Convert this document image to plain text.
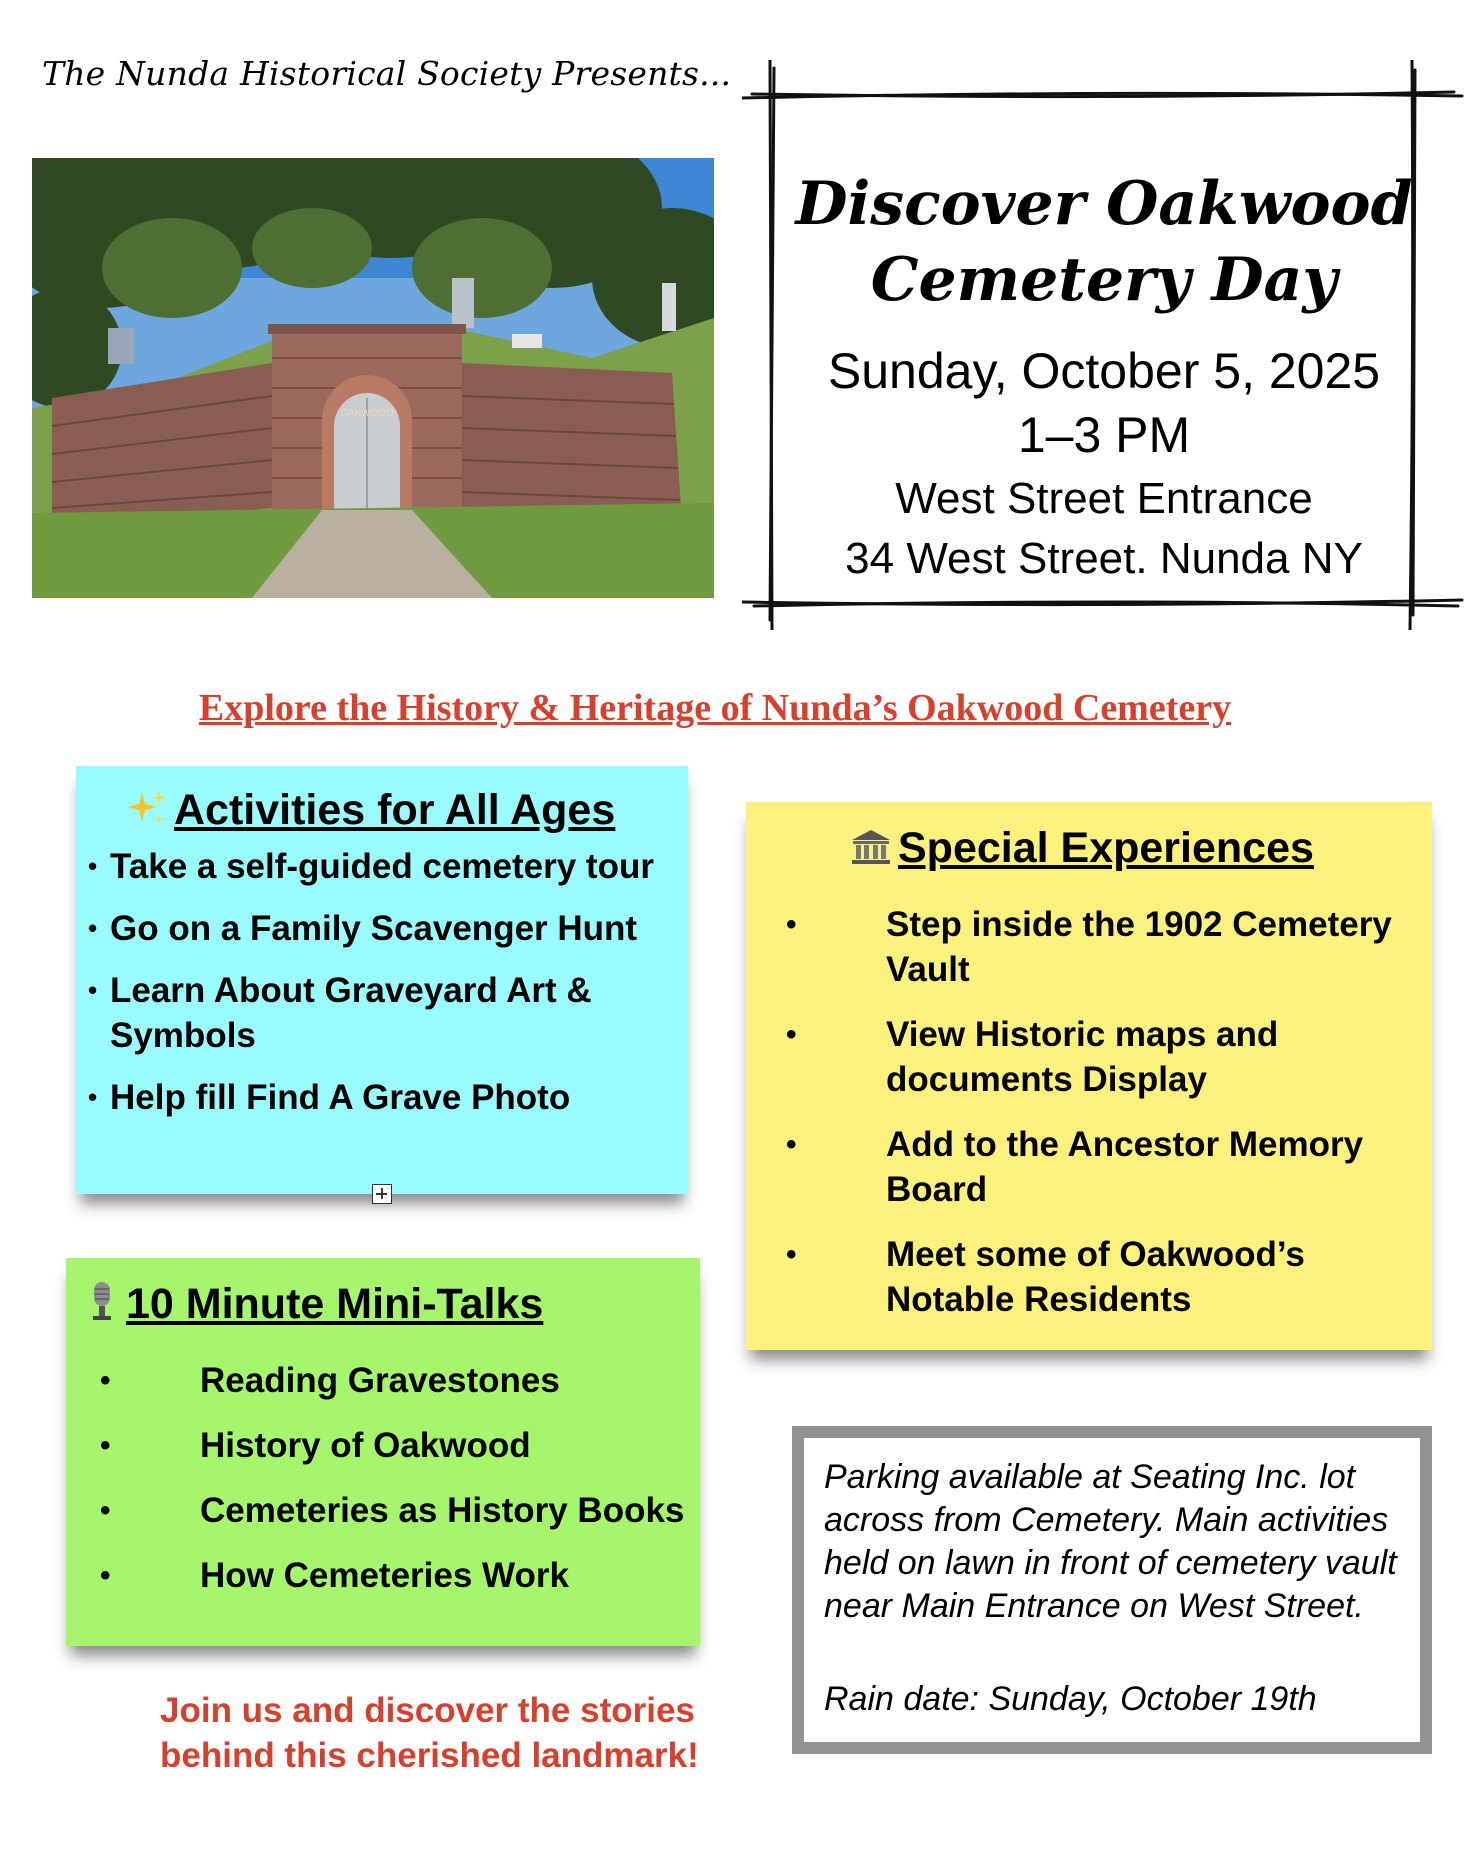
The Nunda Historical Society Presents...
OAKWOOD
Discover Oakwood
Cemetery Day
Sunday, October 5, 2025
1–3 PM
West Street Entrance
34 West Street. Nunda NY
Explore the History & Heritage of Nunda’s Oakwood Cemetery
Activities for All Ages
• Take a self-guided cemetery tour
• Go on a Family Scavenger Hunt
• Learn About Graveyard Art & Symbols
• Help fill Find A Grave Photo
Special Experiences
• Step inside the 1902 Cemetery Vault
• View Historic maps and documents Display
• Add to the Ancestor Memory Board
• Meet some of Oakwood’s Notable Residents
10 Minute Mini-Talks
• Reading Gravestones
• History of Oakwood
• Cemeteries as History Books
• How Cemeteries Work
Join us and discover the stories behind this cherished landmark!

Parking available at Seating Inc. lot across from Cemetery. Main activities held on lawn in front of cemetery vault near Main Entrance on West Street.

Rain date: Sunday, October 19th
